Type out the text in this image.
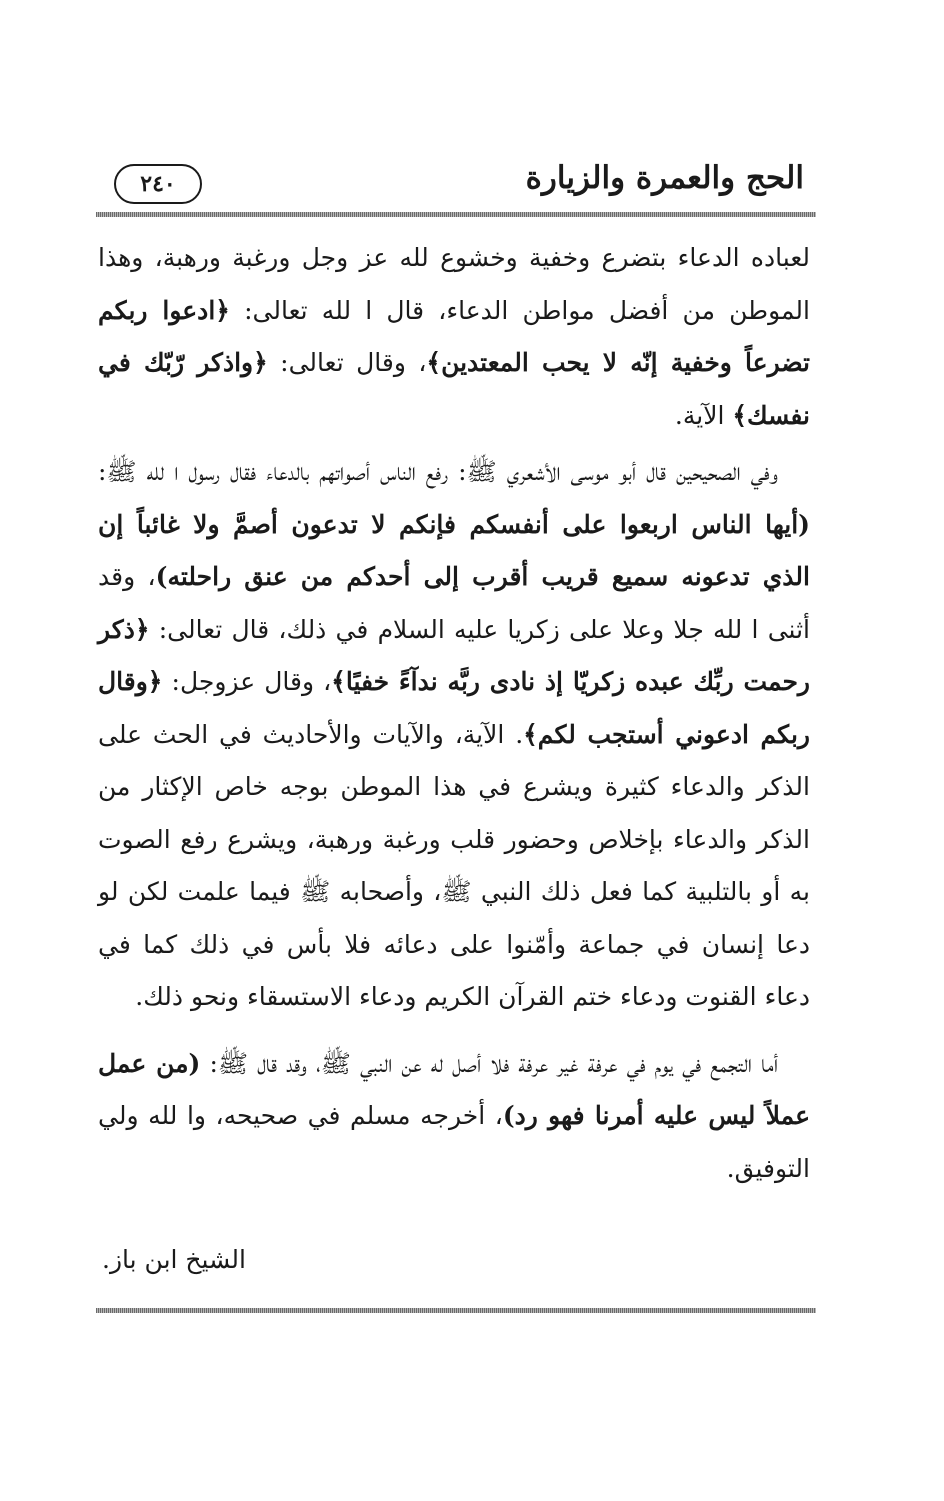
٢٤٠	الحج والعمرة والزيارة

لعباده الدعاء بتضرع وخفية وخشوع لله عز وجل ورغبة ورهبة، وهذا الموطن من أفضل مواطن الدعاء، قال ا لله تعالى: ﴿ادعوا ربكم تضرعاً وخفية إنّه لا يحب المعتدين﴾، وقال تعالى: ﴿واذكر رّبّك في نفسك﴾ الآية.

وفي الصحيحين قال أبو موسى الأشعري ﷺ: رفع الناس أصواتهم بالدعاء فقال رسول ا لله ﷺ: (أيها الناس اربعوا على أنفسكم فإنكم لا تدعون أصمَّ ولا غائباً إن الذي تدعونه سميع قريب أقرب إلى أحدكم من عنق راحلته)، وقد أثنى ا لله جلا وعلا على زكريا عليه السلام في ذلك، قال تعالى: ﴿ذكر رحمت ربِّك عبده زكريّا إذ نادى ربَّه ندآءً خفيًا﴾، وقال عزوجل: ﴿وقال ربكم ادعوني أستجب لكم﴾. الآية، والآيات والأحاديث في الحث على الذكر والدعاء كثيرة ويشرع في هذا الموطن بوجه خاص الإكثار من الذكر والدعاء بإخلاص وحضور قلب ورغبة ورهبة، ويشرع رفع الصوت به أو بالتلبية كما فعل ذلك النبي ﷺ، وأصحابه ﷺ فيما علمت لكن لو دعا إنسان في جماعة وأمّنوا على دعائه فلا بأس في ذلك كما في دعاء القنوت ودعاء ختم القرآن الكريم ودعاء الاستسقاء ونحو ذلك.

أما التجمع في يوم في عرفة غير عرفة فلا أصل له عن النبي ﷺ، وقد قال ﷺ: (من عمل عملاً ليس عليه أمرنا فهو رد)، أخرجه مسلم في صحيحه، وا لله ولي التوفيق.

الشيخ ابن باز.
